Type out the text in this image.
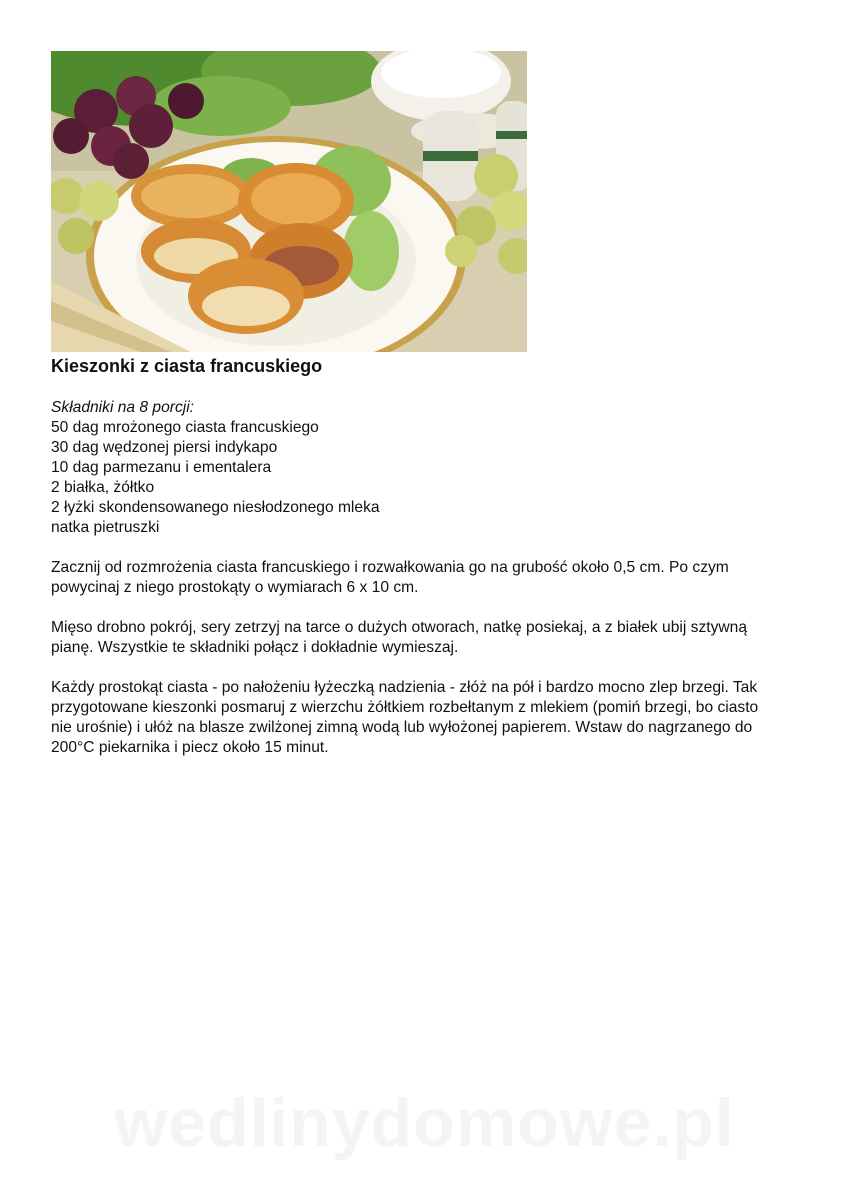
Kieszonki z ciasta francuskiego

Składniki na 8 porcji:

50 dag mrożonego ciasta francuskiego
30 dag wędzonej piersi indykapo
10 dag parmezanu i ementalera
2 białka, żółtko
2 łyżki skondensowanego niesłodzonego mleka
natka pietruszki

Zacznij od rozmrożenia ciasta francuskiego i rozwałkowania go na grubość około 0,5 cm. Po czym powycinaj z niego prostokąty o wymiarach 6 x 10 cm.

Mięso drobno pokrój, sery zetrzyj na tarce o dużych otworach, natkę posiekaj, a z białek ubij sztywną pianę. Wszystkie te składniki połącz i dokładnie wymieszaj.

Każdy prostokąt ciasta - po nałożeniu łyżeczką nadzienia - złóż na pół i bardzo mocno zlep brzegi. Tak przygotowane kieszonki posmaruj z wierzchu żółtkiem rozbełtanym z mlekiem (pomiń brzegi, bo ciasto nie urośnie) i ułóż na blasze zwilżonej zimną wodą lub wyłożonej papierem. Wstaw do nagrzanego do 200°C piekarnika i piecz około 15 minut.

wedlinydomowe.pl
